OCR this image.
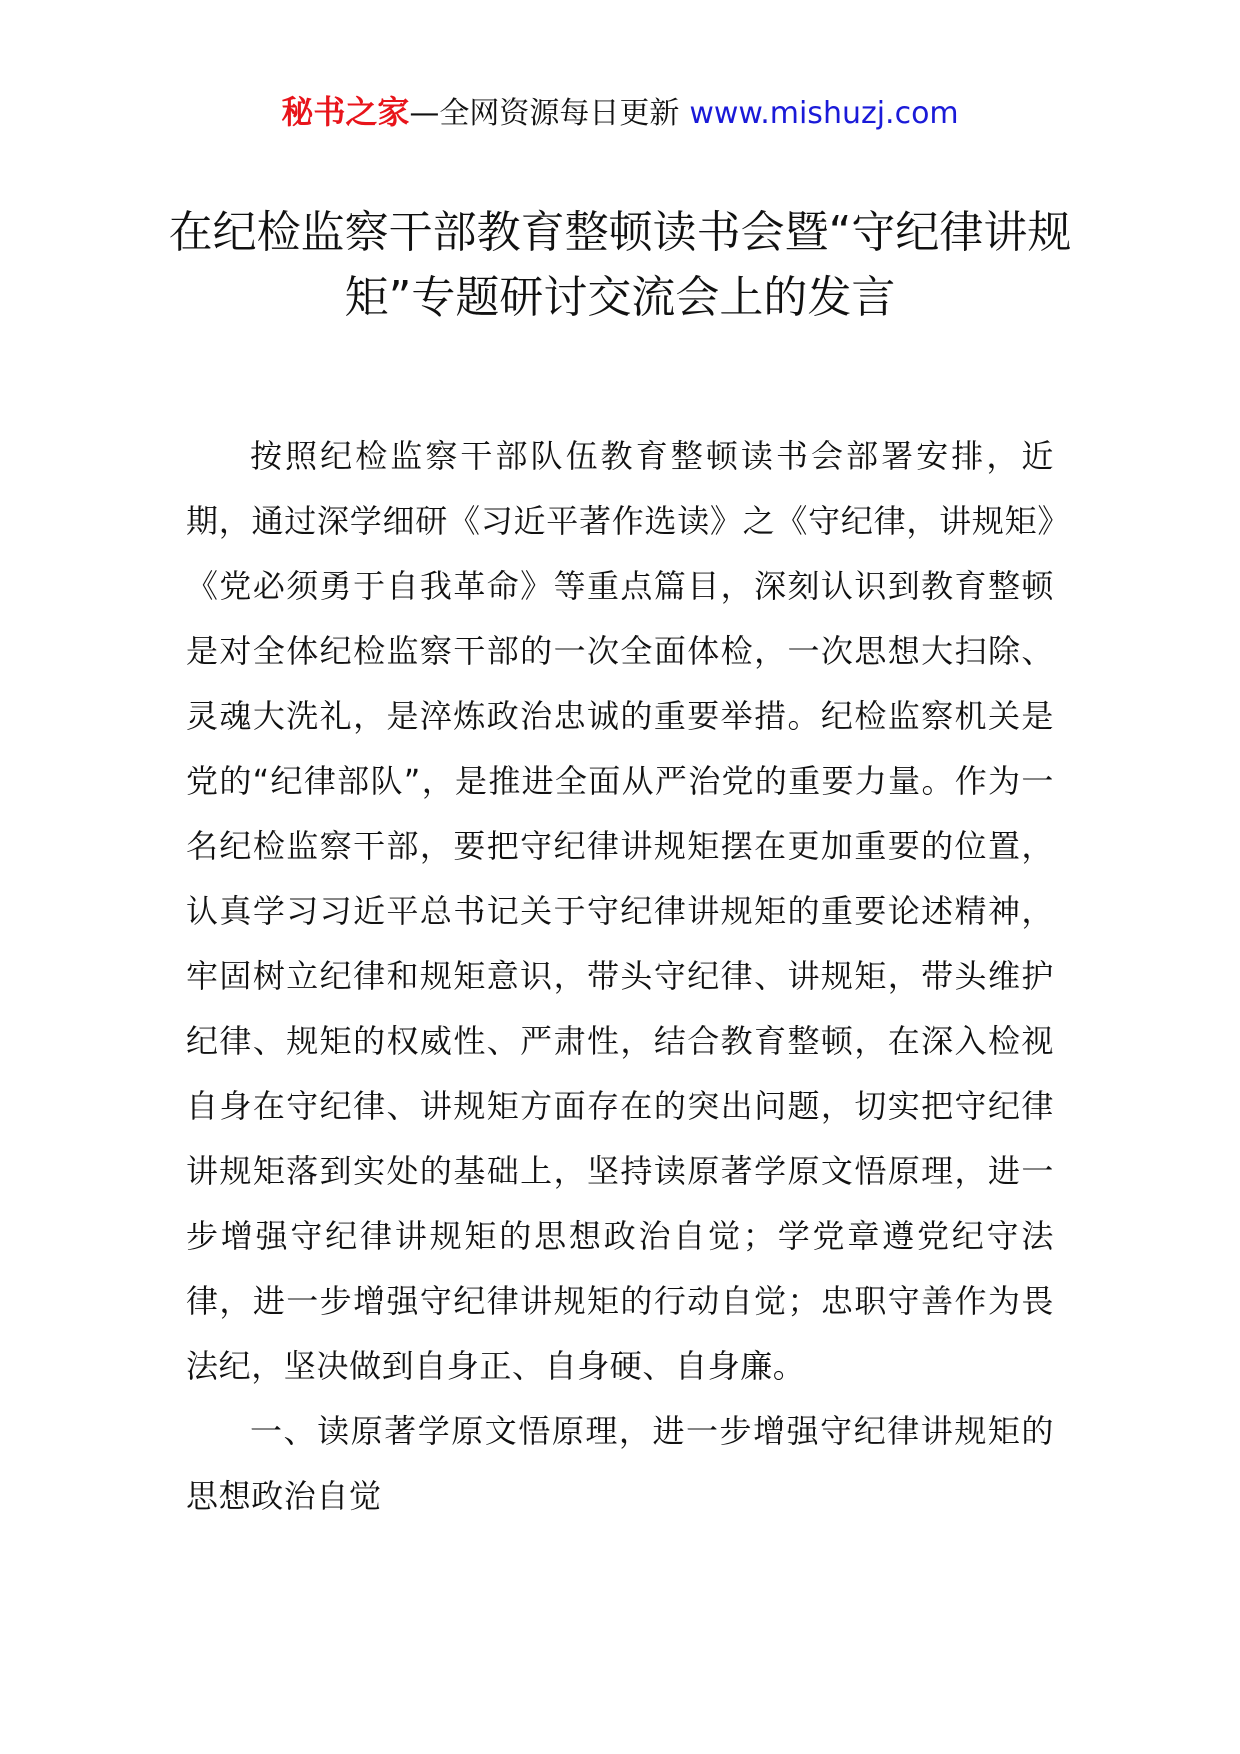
秘书之家—全网资源每日更新 www.mishuzj.com
在纪检监察干部教育整顿读书会暨“守纪律讲规矩”专题研讨交流会上的发言

按照纪检监察干部队伍教育整顿读书会部署安排，近期，通过深学细研《习近平著作选读》之《守纪律，讲规矩》《党必须勇于自我革命》等重点篇目，深刻认识到教育整顿是对全体纪检监察干部的一次全面体检，一次思想大扫除、灵魂大洗礼，是淬炼政治忠诚的重要举措。纪检监察机关是党的“纪律部队”，是推进全面从严治党的重要力量。作为一名纪检监察干部，要把守纪律讲规矩摆在更加重要的位置，认真学习习近平总书记关于守纪律讲规矩的重要论述精神，牢固树立纪律和规矩意识，带头守纪律、讲规矩，带头维护纪律、规矩的权威性、严肃性，结合教育整顿，在深入检视自身在守纪律、讲规矩方面存在的突出问题，切实把守纪律讲规矩落到实处的基础上，坚持读原著学原文悟原理，进一步增强守纪律讲规矩的思想政治自觉；学党章遵党纪守法律，进一步增强守纪律讲规矩的行动自觉；忠职守善作为畏法纪，坚决做到自身正、自身硬、自身廉。

一、读原著学原文悟原理，进一步增强守纪律讲规矩的思想政治自觉
